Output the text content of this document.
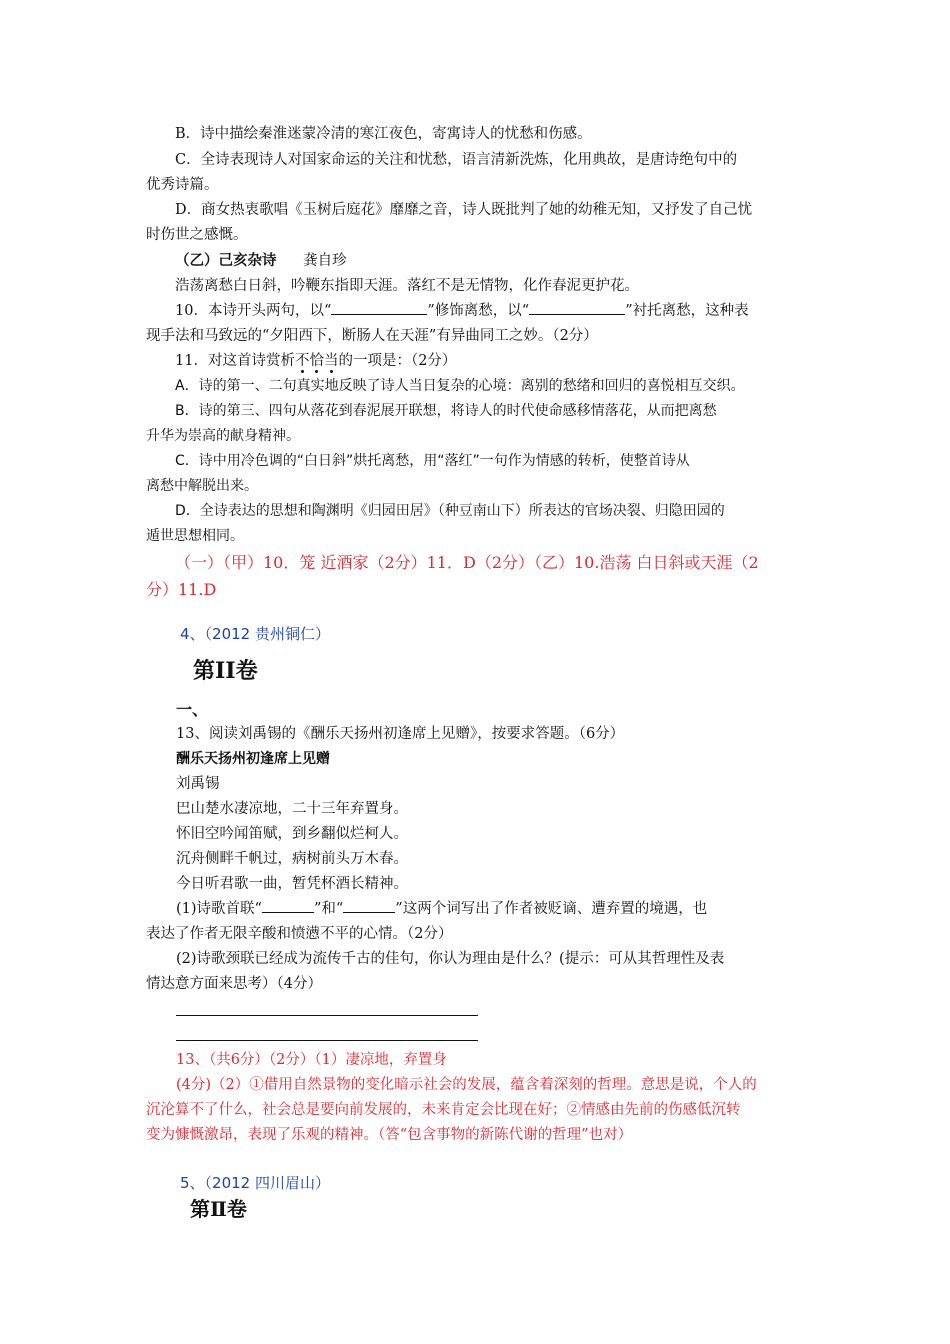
B．诗中描绘秦淮迷蒙冷清的寒江夜色，寄寓诗人的忧愁和伤感。
C．全诗表现诗人对国家命运的关注和忧愁，语言清新洗炼，化用典故，是唐诗绝句中的
优秀诗篇。
D．商女热衷歌唱《玉树后庭花》靡靡之音，诗人既批判了她的幼稚无知，又抒发了自己忧
时伤世之感慨。
（乙）己亥杂诗 龚自珍
浩荡离愁白日斜，吟鞭东指即天涯。落红不是无情物，化作春泥更护花。
10．本诗开头两句，以“	”修饰离愁，以“	”衬托离愁，这种表
现手法和马致远的“夕阳西下，断肠人在天涯”有异曲同工之妙。（2分）
11．对这首诗赏析不恰当的一项是：（2分）
A．诗的第一、二句真实地反映了诗人当日复杂的心境：离别的愁绪和回归的喜悦相互交织。
B．诗的第三、四句从落花到春泥展开联想，将诗人的时代使命感移情落花，从而把离愁
升华为崇高的献身精神。
C．诗中用冷色调的“白日斜”烘托离愁，用“落红”一句作为情感的转析，使整首诗从
离愁中解脱出来。
D．全诗表达的思想和陶渊明《归园田居》（种豆南山下）所表达的官场决裂、归隐田园的
遁世思想相同。
（一）（甲）10．笼 近酒家（2分）11．D（2分）（乙）10.浩荡 白日斜或天涯（2
分）11.D
4、（2012 贵州铜仁）
第II卷
一、
13、阅读刘禹锡的《酬乐天扬州初逢席上见赠》，按要求答题。（6分）
酬乐天扬州初逢席上见赠
刘禹锡
巴山楚水凄凉地，二十三年弃置身。
怀旧空吟闻笛赋，到乡翻似烂柯人。
沉舟侧畔千帆过，病树前头万木春。
今日听君歌一曲，暂凭杯酒长精神。
(1)诗歌首联“	”和“	”这两个词写出了作者被贬谪、遭弃置的境遇，也
表达了作者无限辛酸和愤懑不平的心情。（2分）
(2)诗歌颈联已经成为流传千古的佳句，你认为理由是什么？(提示：可从其哲理性及表
情达意方面来思考）（4分）
13、（共6分）（2分）（1）凄凉地，弃置身
(4分)（2）①借用自然景物的变化暗示社会的发展，蕴含着深刻的哲理。意思是说，个人的
沉沦算不了什么，社会总是要向前发展的，未来肯定会比现在好；②情感由先前的伤感低沉转
变为慷慨激昂，表现了乐观的精神。（答“包含事物的新陈代谢的哲理”也对）
5、（2012 四川眉山）
第Ⅱ卷
